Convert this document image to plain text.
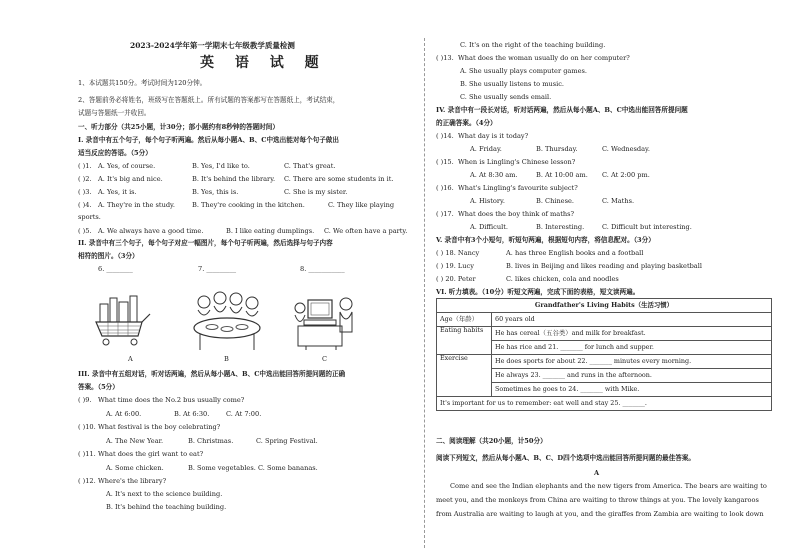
2023-2024学年第一学期末七年级教学质量检测
英 语 试 题
1、本试题共150分。考试时间为120分钟。
2、答题前务必将姓名，班级写在答题纸上。所有试题的答案都写在答题纸上，考试结束，
试题与答题纸一并收回。
一、听力部分（共25小题，计30分；部小题约有8秒钟的答题时间）
I. 录音中有五个句子，每个句子听两遍。然后从每小题A、B、C中选出能对每个句子做出
适当反应的答语。（5分）
( )1. A. Yes, of course.	B. Yes, I'd like to.	C. That's great.
( )2. A. It's big and nice.	B. It's behind the library. C. There are some students in it.
( )3. A. Yes, it is.	B. Yes, this is.	C. She is my sister.
( )4. A. They're in the study.	B. They're cooking in the kitchen.	C. They like playing
sports.
( )5. A. We always have a good time.	B. I like eating dumplings. C. We often have a party.
II. 录音中有三个句子，每个句子对应一幅图片，每个句子听两遍，然后选择与句子内容
相符的图片。（3分）
6. ________	7. _________	8. ___________
A	B	C
III. 录音中有五组对话，听对话两遍，然后从每小题A、B、C中选出能回答所提问题的正确
答案。（5分）
( )9. What time does the No.2 bus usually come?
A. At 6:00.	B. At 6:30.	C. At 7:00.
( )10. What festival is the boy celebrating?
A. The New Year.	B. Christmas.	C. Spring Festival.
( )11. What does the girl want to eat?
A. Some chicken.	B. Some vegetables. C. Some bananas.
( )12. Where's the library?
A. It's next to the science building.
B. It's behind the teaching building.
C. It's on the right of the teaching building.
( )13. What does the woman usually do on her computer?
A. She usually plays computer games.
B. She usually listens to music.
C. She usually sends email.
IV. 录音中有一段长对话，听对话两遍，然后从每小题A、B、C中选出能回答所提问题
的正确答案。（4分）
( )14. What day is it today?
A. Friday.	B. Thursday.	C. Wednesday.
( )15. When is Lingling's Chinese lesson?
A. At 8:30 am.	B. At 10:00 am. C. At 2:00 pm.
( )16. What's Lingling's favourite subject?
A. History.	B. Chinese.	C. Maths.
( )17. What does the boy think of maths?
A. Difficult.	B. Interesting.	C. Difficult but interesting.
V. 录音中有3个小短句，听短句两遍，根据短句内容，将信息配对。（3分）
( ) 18. Nancy	A. has three English books and a football
( ) 19. Lucy	B. lives in Beijing and likes reading and playing basketball
( ) 20. Peter	C. likes chicken, cola and noodles
VI. 听力填表。（10分）听短文两遍，完成下面的表格，短文读两遍。
Grandfather's Living Habits（生活习惯）	
Age（年龄）	60 years old
Eating habits	He has cereal（五谷类）and milk for breakfast.
	He has rice and 21. _______ for lunch and supper.
Exercise	He does sports for about 22. _______ minutes every morning.
	He always 23. _______ and runs in the afternoon.
	Sometimes he goes to 24. _______ with Mike.
It's important for us to remember: eat well and stay 25. _______.	
二、阅读理解（共20小题，计50分）
阅读下列短文，然后从每小题A、B、C、D四个选项中选出能回答所提问题的最佳答案。
A
Come and see the Indian elephants and the new tigers from America. The bears are waiting to
meet you, and the monkeys from China are waiting to throw things at you. The lovely kangaroos
from Australia are waiting to laugh at you, and the giraffes from Zambia are waiting to look down
